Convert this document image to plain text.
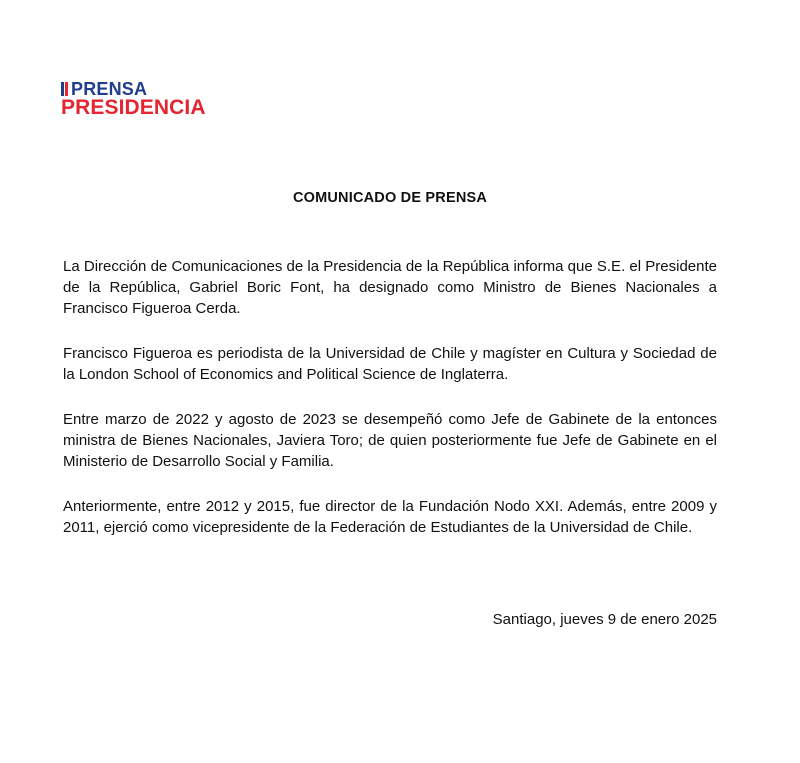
PRENSA
PRESIDENCIA
COMUNICADO DE PRENSA

La Dirección de Comunicaciones de la Presidencia de la República informa que S.E. el Presidente de la República, Gabriel Boric Font, ha designado como Ministro de Bienes Nacionales a Francisco Figueroa Cerda.

Francisco Figueroa es periodista de la Universidad de Chile y magíster en Cultura y Sociedad de la London School of Economics and Political Science de Inglaterra.

Entre marzo de 2022 y agosto de 2023 se desempeñó como Jefe de Gabinete de la entonces ministra de Bienes Nacionales, Javiera Toro; de quien posteriormente fue Jefe de Gabinete en el Ministerio de Desarrollo Social y Familia.

Anteriormente, entre 2012 y 2015, fue director de la Fundación Nodo XXI. Además, entre 2009 y 2011, ejerció como vicepresidente de la Federación de Estudiantes de la Universidad de Chile.

Santiago, jueves 9 de enero 2025
